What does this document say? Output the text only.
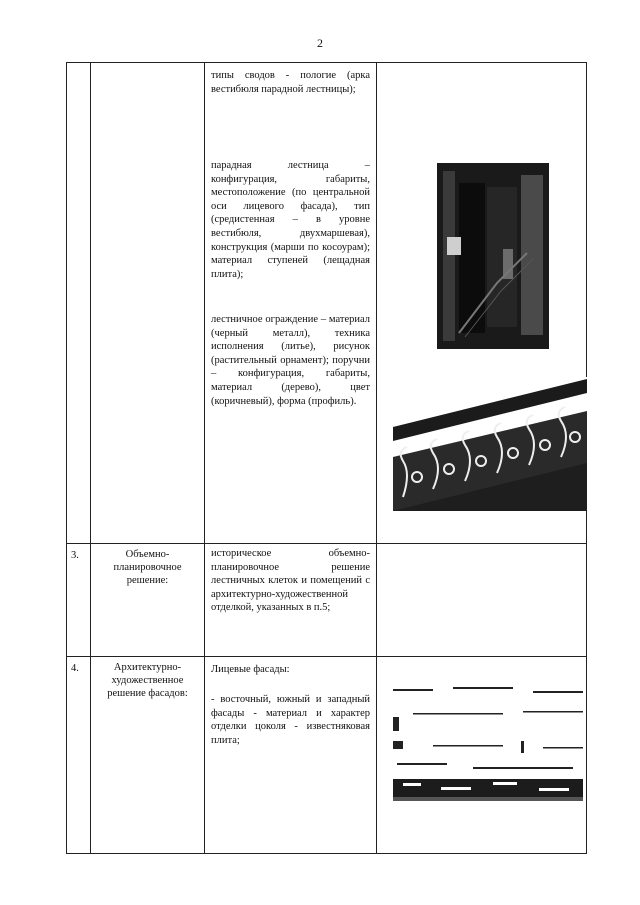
2

		типы сводов - пологие (арка вестибюля парадной лестницы);

парадная лестница – конфигурация, габариты, местоположение (по центральной оси лицевого фасада), тип (средистенная – в уровне вестибюля, двухмаршевая), конструкция (марши по косоурам); материал ступеней (лещадная плита);

лестничное ограждение – материал (черный металл), техника исполнения (литье), рисунок (растительный орнамент); поручни – конфигурация, габариты, материал (дерево), цвет (коричневый), форма (профиль).

3.	Объемно-планировочное решение:	историческое объемно-планировочное решение лестничных клеток и помещений с архитектурно-художественной отделкой, указанных в п.5;	

4.	Архитектурно-художественное решение фасадов:	Лицевые фасады:

- восточный, южный и западный фасады - материал и характер отделки цоколя - известняковая плита;
